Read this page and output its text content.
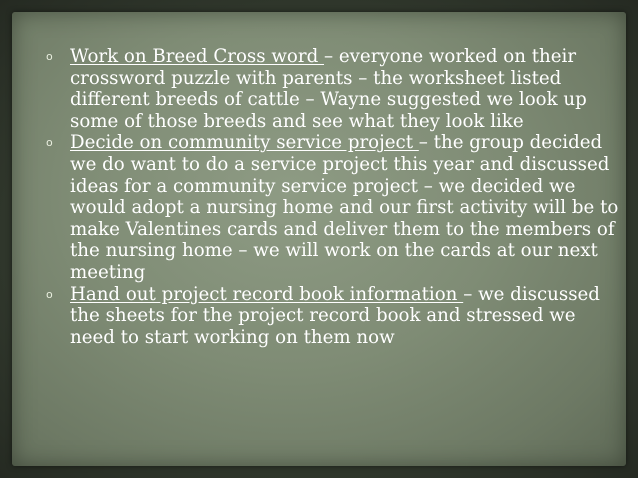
o Work on Breed Cross word – everyone worked on their crossword puzzle with parents – the worksheet listed different breeds of cattle – Wayne suggested we look up some of those breeds and see what they look like

o Decide on community service project – the group decided we do want to do a service project this year and discussed ideas for a community service project – we decided we would adopt a nursing home and our first activity will be to make Valentines cards and deliver them to the members of the nursing home – we will work on the cards at our next meeting

o Hand out project record book information – we discussed the sheets for the project record book and stressed we need to start working on them now
